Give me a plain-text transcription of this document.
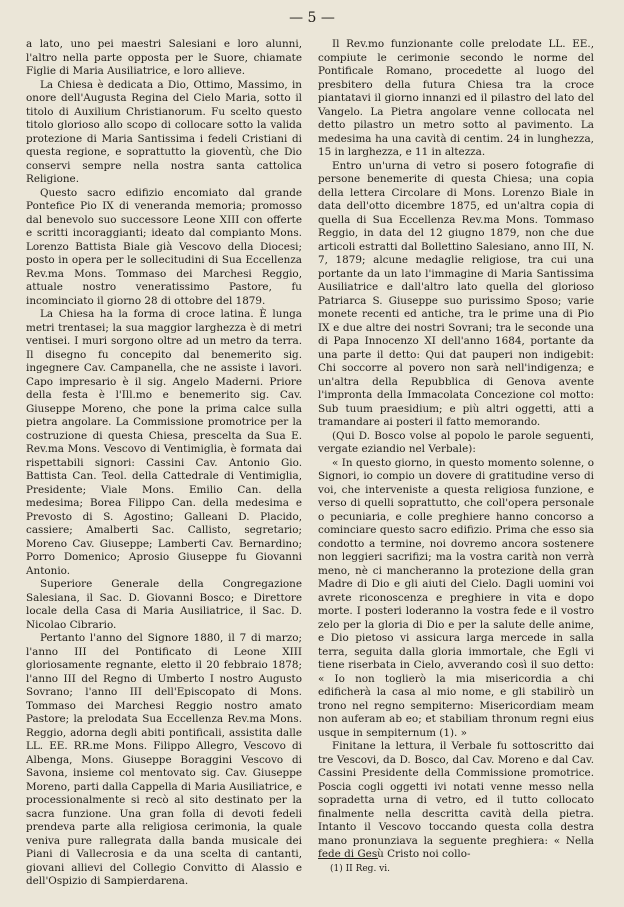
— 5 —

a lato, uno pei maestri Salesiani e loro alunni, l'altro nella parte opposta per le Suore, chiamate Figlie di Maria Ausiliatrice, e loro allieve.

La Chiesa è dedicata a Dio, Ottimo, Massimo, in onore dell'Augusta Regina del Cielo Maria, sotto il titolo di Auxilium Christianorum. Fu scelto questo titolo glorioso allo scopo di collocare sotto la valida protezione di Maria Santissima i fedeli Cristiani di questa regione, e soprattutto la gioventù, che Dio conservi sempre nella nostra santa cattolica Religione.

Questo sacro edifizio encomiato dal grande Pontefice Pio IX di veneranda memoria; promosso dal benevolo suo successore Leone XIII con offerte e scritti incoraggianti; ideato dal compianto Mons. Lorenzo Battista Biale già Vescovo della Diocesi; posto in opera per le sollecitudini di Sua Eccellenza Rev.ma Mons. Tommaso dei Marchesi Reggio, attuale nostro veneratissimo Pastore, fu incominciato il giorno 28 di ottobre del 1879.

La Chiesa ha la forma di croce latina. È lunga metri trentasei; la sua maggior larghezza è di metri ventisei. I muri sorgono oltre ad un metro da terra. Il disegno fu concepito dal benemerito sig. ingegnere Cav. Campanella, che ne assiste i lavori. Capo impresario è il sig. Angelo Maderni. Priore della festa è l'Ill.mo e benemerito sig. Cav. Giuseppe Moreno, che pone la prima calce sulla pietra angolare. La Commissione promotrice per la costruzione di questa Chiesa, prescelta da Sua E. Rev.ma Mons. Vescovo di Ventimiglia, è formata dai rispettabili signori: Cassini Cav. Antonio Gio. Battista Can. Teol. della Cattedrale di Ventimiglia, Presidente; Viale Mons. Emilio Can. della medesima; Borea Filippo Can. della medesima e Prevosto di S. Agostino; Galleani D. Placido, cassiere; Amalberti Sac. Callisto, segretario; Moreno Cav. Giuseppe; Lamberti Cav. Bernardino; Porro Domenico; Aprosio Giuseppe fu Giovanni Antonio.

Superiore Generale della Congregazione Salesiana, il Sac. D. Giovanni Bosco; e Direttore locale della Casa di Maria Ausiliatrice, il Sac. D. Nicolao Cibrario.

Pertanto l'anno del Signore 1880, il 7 di marzo; l'anno III del Pontificato di Leone XIII gloriosamente regnante, eletto il 20 febbraio 1878; l'anno III del Regno di Umberto I nostro Augusto Sovrano; l'anno III dell'Episcopato di Mons. Tommaso dei Marchesi Reggio nostro amato Pastore; la prelodata Sua Eccellenza Rev.ma Mons. Reggio, adorna degli abiti pontificali, assistita dalle LL. EE. RR.me Mons. Filippo Allegro, Vescovo di Albenga, Mons. Giuseppe Boraggini Vescovo di Savona, insieme col mentovato sig. Cav. Giuseppe Moreno, parti dalla Cappella di Maria Ausiliatrice, e processionalmente si recò al sito destinato per la sacra funzione. Una gran folla di devoti fedeli prendeva parte alla religiosa cerimonia, la quale veniva pure rallegrata dalla banda musicale dei Piani di Vallecrosia e da una scelta di cantanti, giovani allievi del Collegio Convitto di Alassio e dell'Ospizio di Sampierdarena.

Il Rev.mo funzionante colle prelodate LL. EE., compiute le cerimonie secondo le norme del Pontificale Romano, procedette al luogo del presbitero della futura Chiesa tra la croce piantatavi il giorno innanzi ed il pilastro del lato del Vangelo. La Pietra angolare venne collocata nel detto pilastro un metro sotto al pavimento. La medesima ha una cavità di centim. 24 in lunghezza, 15 in larghezza, e 11 in altezza.

Entro un'urna di vetro si posero fotografie di persone benemerite di questa Chiesa; una copia della lettera Circolare di Mons. Lorenzo Biale in data dell'otto dicembre 1875, ed un'altra copia di quella di Sua Eccellenza Rev.ma Mons. Tommaso Reggio, in data del 12 giugno 1879, non che due articoli estratti dal Bollettino Salesiano, anno III, N. 7, 1879; alcune medaglie religiose, tra cui una portante da un lato l'immagine di Maria Santissima Ausiliatrice e dall'altro lato quella del glorioso Patriarca S. Giuseppe suo purissimo Sposo; varie monete recenti ed antiche, tra le prime una di Pio IX e due altre dei nostri Sovrani; tra le seconde una di Papa Innocenzo XI dell'anno 1684, portante da una parte il detto: Qui dat pauperi non indigebit: Chi soccorre al povero non sarà nell'indigenza; e un'altra della Repubblica di Genova avente l'impronta della Immacolata Concezione col motto: Sub tuum praesidium; e più altri oggetti, atti a tramandare ai posteri il fatto memorando.

(Qui D. Bosco volse al popolo le parole seguenti, vergate eziandio nel Verbale):

« In questo giorno, in questo momento solenne, o Signori, io compio un dovere di gratitudine verso di voi, che interveniste a questa religiosa funzione, e verso di quelli soprattutto, che coll'opera personale o pecuniaria, e colle preghiere hanno concorso a cominciare questo sacro edifizio. Prima che esso sia condotto a termine, noi dovremo ancora sostenere non leggieri sacrifizi; ma la vostra carità non verrà meno, nè ci mancheranno la protezione della gran Madre di Dio e gli aiuti del Cielo. Dagli uomini voi avrete riconoscenza e preghiere in vita e dopo morte. I posteri loderanno la vostra fede e il vostro zelo per la gloria di Dio e per la salute delle anime, e Dio pietoso vi assicura larga mercede in salla terra, seguita dalla gloria immortale, che Egli vi tiene riserbata in Cielo, avverando così il suo detto: « Io non toglierò la mia misericordia a chi edificherà la casa al mio nome, e gli stabilirò un trono nel regno sempiterno: Misericordiam meam non auferam ab eo; et stabiliam thronum regni eius usque in sempiternum (1). »

Finitane la lettura, il Verbale fu sottoscritto dai tre Vescovi, da D. Bosco, dal Cav. Moreno e dal Cav. Cassini Presidente della Commissione promotrice. Poscia cogli oggetti ivi notati venne messo nella sopradetta urna di vetro, ed il tutto collocato finalmente nella descritta cavità della pietra. Intanto il Vescovo toccando questa colla destra mano pronunziava la seguente preghiera: « Nella fede di Gesù Cristo noi collo-

(1) II Reg. vi.
